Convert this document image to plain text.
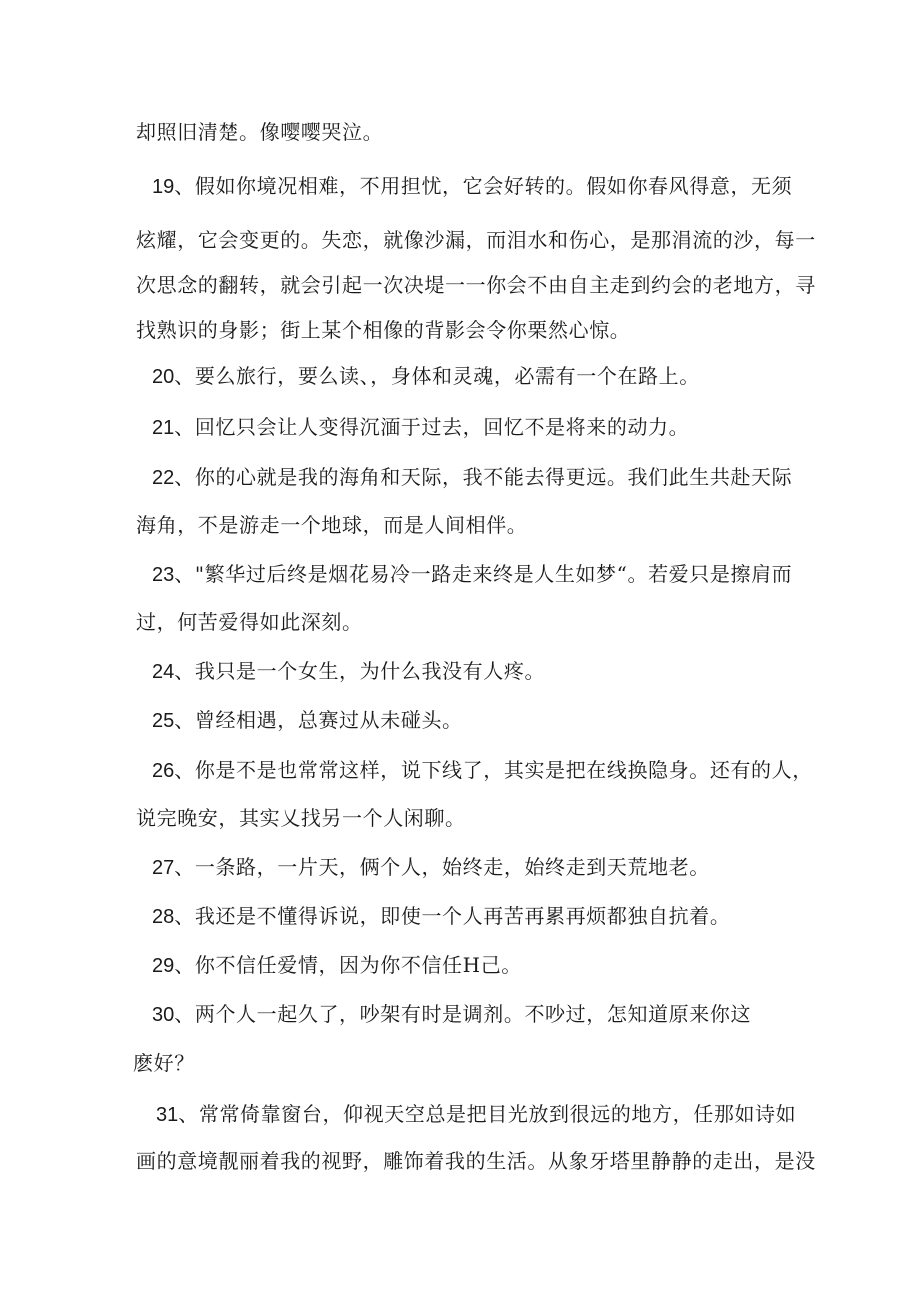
却照旧清楚。像嘤嘤哭泣。
19、假如你境况相难，不用担忧，它会好转的。假如你春风得意，无须
炫耀，它会变更的。失恋，就像沙漏，而泪水和伤心，是那涓流的沙，每一
次思念的翻转，就会引起一次决堤一一你会不由自主走到约会的老地方，寻
找熟识的身影；街上某个相像的背影会令你栗然心惊。
20、要么旅行，要么读、，身体和灵魂，必需有一个在路上。
21、回忆只会让人变得沉湎于过去，回忆不是将来的动力。
22、你的心就是我的海角和天际，我不能去得更远。我们此生共赴天际
海角，不是游走一个地球，而是人间相伴。
23、"繁华过后终是烟花易冷一路走来终是人生如梦“。若爱只是擦肩而
过，何苦爱得如此深刻。
24、我只是一个女生，为什么我没有人疼。
25、曾经相遇，总赛过从未碰头。
26、你是不是也常常这样，说下线了，其实是把在线换隐身。还有的人，
说完晚安，其实乂找另一个人闲聊。
27、一条路，一片天，俩个人，始终走，始终走到天荒地老。
28、我还是不懂得诉说，即使一个人再苦再累再烦都独自抗着。
29、你不信任爱情，因为你不信任H己。
30、两个人一起久了，吵架有时是调剂。不吵过，怎知道原来你这
麽好？
31、常常倚靠窗台，仰视天空总是把目光放到很远的地方，任那如诗如
画的意境靓丽着我的视野，雕饰着我的生活。从象牙塔里静静的走出，是没
